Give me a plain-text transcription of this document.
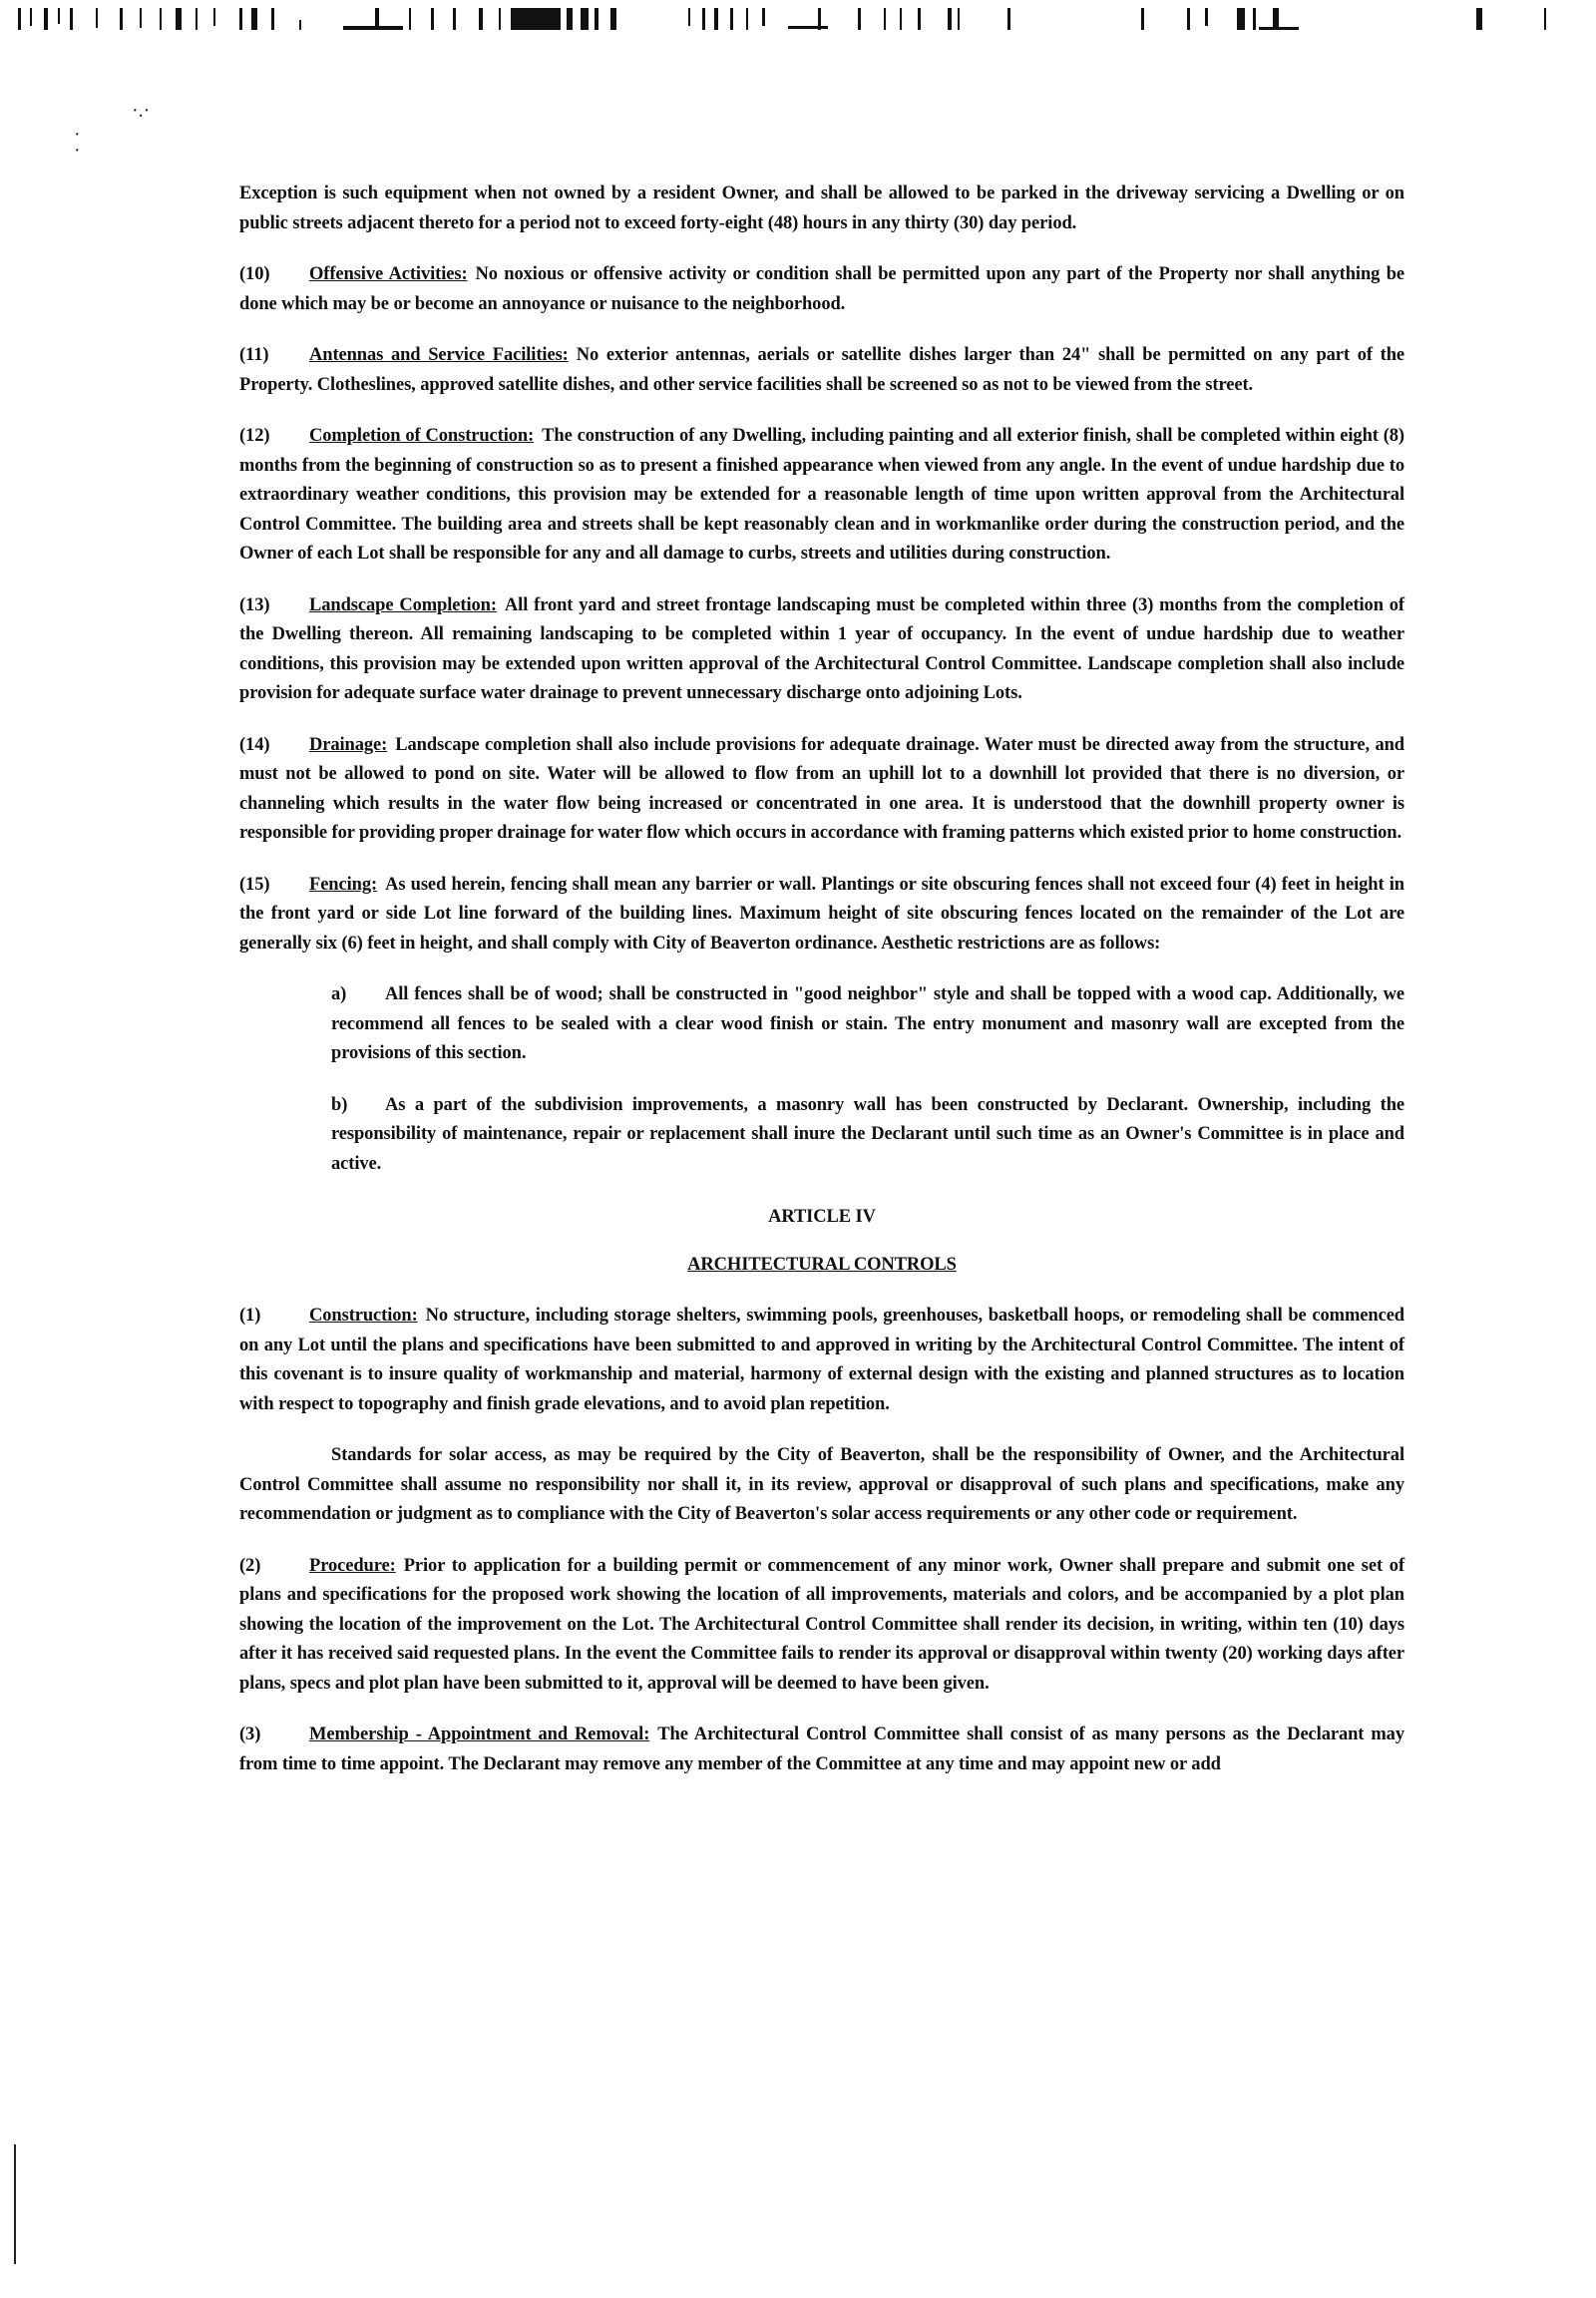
·.·
·
·

Exception is such equipment when not owned by a resident Owner, and shall be allowed to be parked in the driveway servicing a Dwelling or on public streets adjacent thereto for a period not to exceed forty-eight (48) hours in any thirty (30) day period.

(10) Offensive Activities: No noxious or offensive activity or condition shall be permitted upon any part of the Property nor shall anything be done which may be or become an annoyance or nuisance to the neighborhood.
(11) Antennas and Service Facilities: No exterior antennas, aerials or satellite dishes larger than 24" shall be permitted on any part of the Property. Clotheslines, approved satellite dishes, and other service facilities shall be screened so as not to be viewed from the street.
(12) Completion of Construction: The construction of any Dwelling, including painting and all exterior finish, shall be completed within eight (8) months from the beginning of construction so as to present a finished appearance when viewed from any angle. In the event of undue hardship due to extraordinary weather conditions, this provision may be extended for a reasonable length of time upon written approval from the Architectural Control Committee. The building area and streets shall be kept reasonably clean and in workmanlike order during the construction period, and the Owner of each Lot shall be responsible for any and all damage to curbs, streets and utilities during construction.
(13) Landscape Completion: All front yard and street frontage landscaping must be completed within three (3) months from the completion of the Dwelling thereon. All remaining landscaping to be completed within 1 year of occupancy. In the event of undue hardship due to weather conditions, this provision may be extended upon written approval of the Architectural Control Committee. Landscape completion shall also include provision for adequate surface water drainage to prevent unnecessary discharge onto adjoining Lots.
(14) Drainage: Landscape completion shall also include provisions for adequate drainage. Water must be directed away from the structure, and must not be allowed to pond on site. Water will be allowed to flow from an uphill lot to a downhill lot provided that there is no diversion, or channeling which results in the water flow being increased or concentrated in one area. It is understood that the downhill property owner is responsible for providing proper drainage for water flow which occurs in accordance with framing patterns which existed prior to home construction.
(15) Fencing: As used herein, fencing shall mean any barrier or wall. Plantings or site obscuring fences shall not exceed four (4) feet in height in the front yard or side Lot line forward of the building lines. Maximum height of site obscuring fences located on the remainder of the Lot are generally six (6) feet in height, and shall comply with City of Beaverton ordinance. Aesthetic restrictions are as follows:
a) All fences shall be of wood; shall be constructed in "good neighbor" style and shall be topped with a wood cap. Additionally, we recommend all fences to be sealed with a clear wood finish or stain. The entry monument and masonry wall are excepted from the provisions of this section.
b) As a part of the subdivision improvements, a masonry wall has been constructed by Declarant. Ownership, including the responsibility of maintenance, repair or replacement shall inure the Declarant until such time as an Owner's Committee is in place and active.
ARTICLE IV
ARCHITECTURAL CONTROLS
(1)	Construction: No structure, including storage shelters, swimming pools, greenhouses, basketball hoops, or remodeling shall be commenced on any Lot until the plans and specifications have been submitted to and approved in writing by the Architectural Control Committee. The intent of this covenant is to insure quality of workmanship and material, harmony of external design with the existing and planned structures as to location with respect to topography and finish grade elevations, and to avoid plan repetition.

Standards for solar access, as may be required by the City of Beaverton, shall be the responsibility of Owner, and the Architectural Control Committee shall assume no responsibility nor shall it, in its review, approval or disapproval of such plans and specifications, make any recommendation or judgment as to compliance with the City of Beaverton's solar access requirements or any other code or requirement.

(2)	Procedure: Prior to application for a building permit or commencement of any minor work, Owner shall prepare and submit one set of plans and specifications for the proposed work showing the location of all improvements, materials and colors, and be accompanied by a plot plan showing the location of the improvement on the Lot. The Architectural Control Committee shall render its decision, in writing, within ten (10) days after it has received said requested plans. In the event the Committee fails to render its approval or disapproval within twenty (20) working days after plans, specs and plot plan have been submitted to it, approval will be deemed to have been given.
(3)	Membership - Appointment and Removal: The Architectural Control Committee shall consist of as many persons as the Declarant may from time to time appoint. The Declarant may remove any member of the Committee at any time and may appoint new or add
